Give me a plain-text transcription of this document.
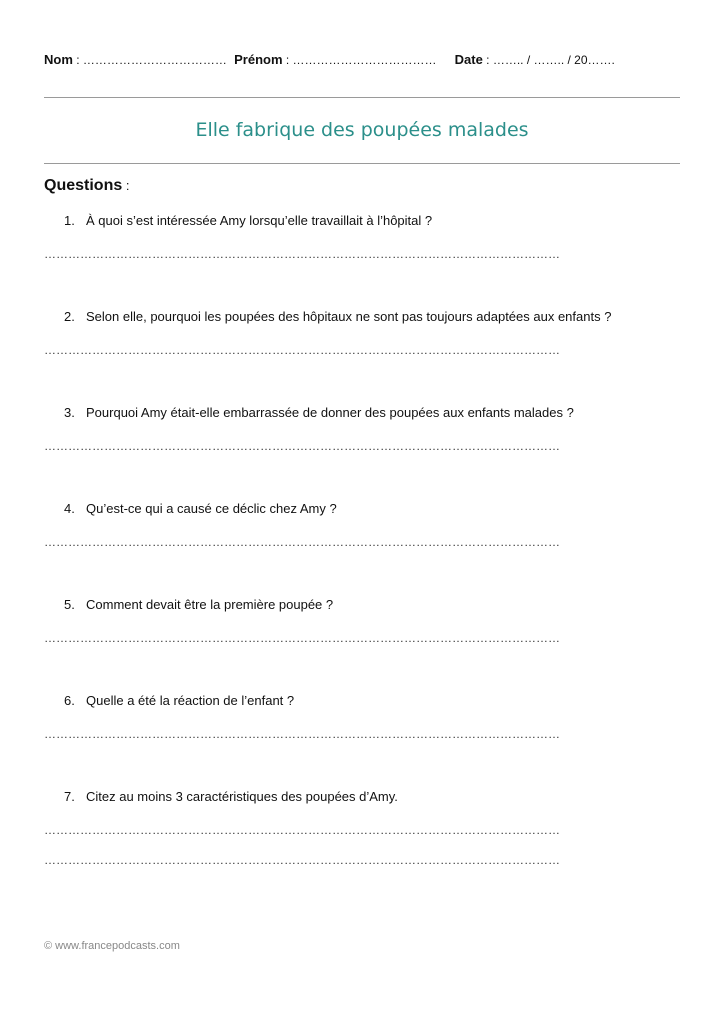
Nom : ……………………………… Prénom : ……………………………… Date : …….. / …….. / 20…….
Elle fabrique des poupées malades
Questions :
1. À quoi s’est intéressée Amy lorsqu’elle travaillait à l’hôpital ?
…………………………………………………………………………………………………………………
2. Selon elle, pourquoi les poupées des hôpitaux ne sont pas toujours adaptées aux enfants ?
…………………………………………………………………………………………………………………
3. Pourquoi Amy était-elle embarrassée de donner des poupées aux enfants malades ?
…………………………………………………………………………………………………………………
4. Qu’est-ce qui a causé ce déclic chez Amy ?
…………………………………………………………………………………………………………………
5. Comment devait être la première poupée ?
…………………………………………………………………………………………………………………
6. Quelle a été la réaction de l’enfant ?
…………………………………………………………………………………………………………………
7. Citez au moins 3 caractéristiques des poupées d’Amy.
…………………………………………………………………………………………………………………
…………………………………………………………………………………………………………………
© www.francepodcasts.com
